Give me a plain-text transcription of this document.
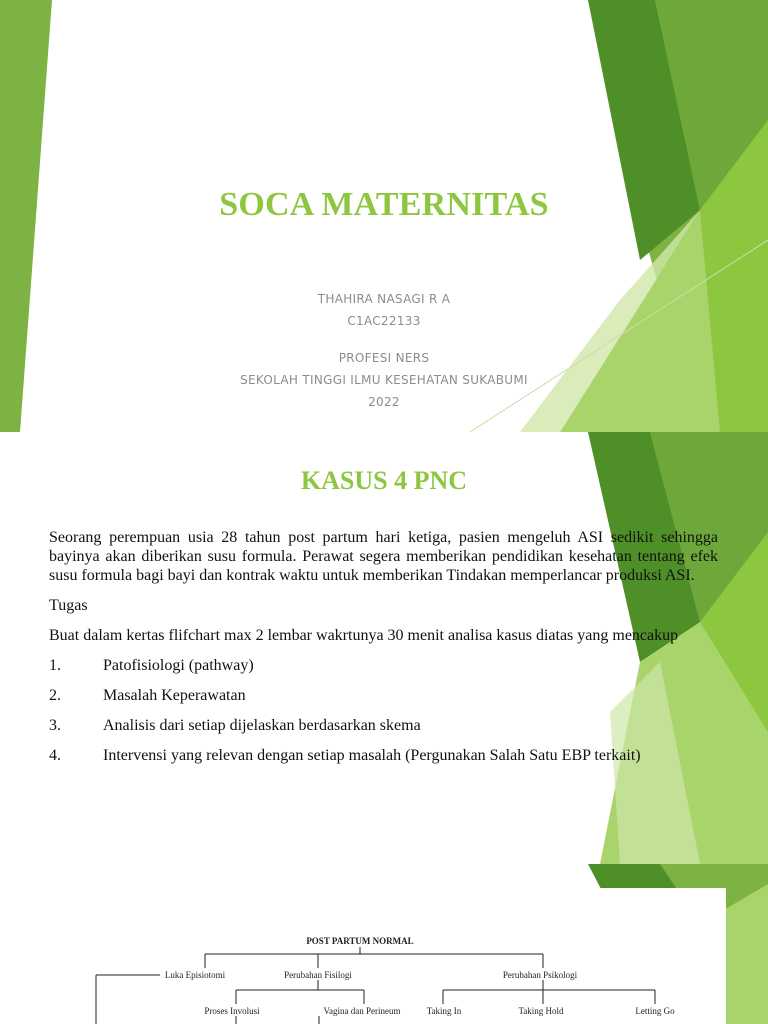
SOCA MATERNITAS
THAHIRA NASAGI R A
C1AC22133
PROFESI NERS
SEKOLAH TINGGI ILMU KESEHATAN SUKABUMI
2022
KASUS 4 PNC

Seorang perempuan usia 28 tahun post partum hari ketiga, pasien mengeluh ASI sedikit sehingga bayinya akan diberikan susu formula. Perawat segera memberikan pendidikan kesehatan tentang efek susu formula bagi bayi dan kontrak waktu untuk memberikan Tindakan memperlancar produksi ASI.

Tugas

Buat dalam kertas flifchart max 2 lembar wakrtunya 30 menit analisa kasus diatas yang mencakup

1.	Patofisiologi (pathway)
2.	Masalah Keperawatan
3.	Analisis dari setiap dijelaskan berdasarkan skema
4.	Intervensi yang relevan dengan setiap masalah (Pergunakan Salah Satu EBP terkait)
POST PARTUM NORMAL
Luka Episiotomi	Perubahan Fisilogi	Perubahan Psikologi
Proses Involusi	Vagina dan Perineum	Taking In	Taking Hold	Letting Go
